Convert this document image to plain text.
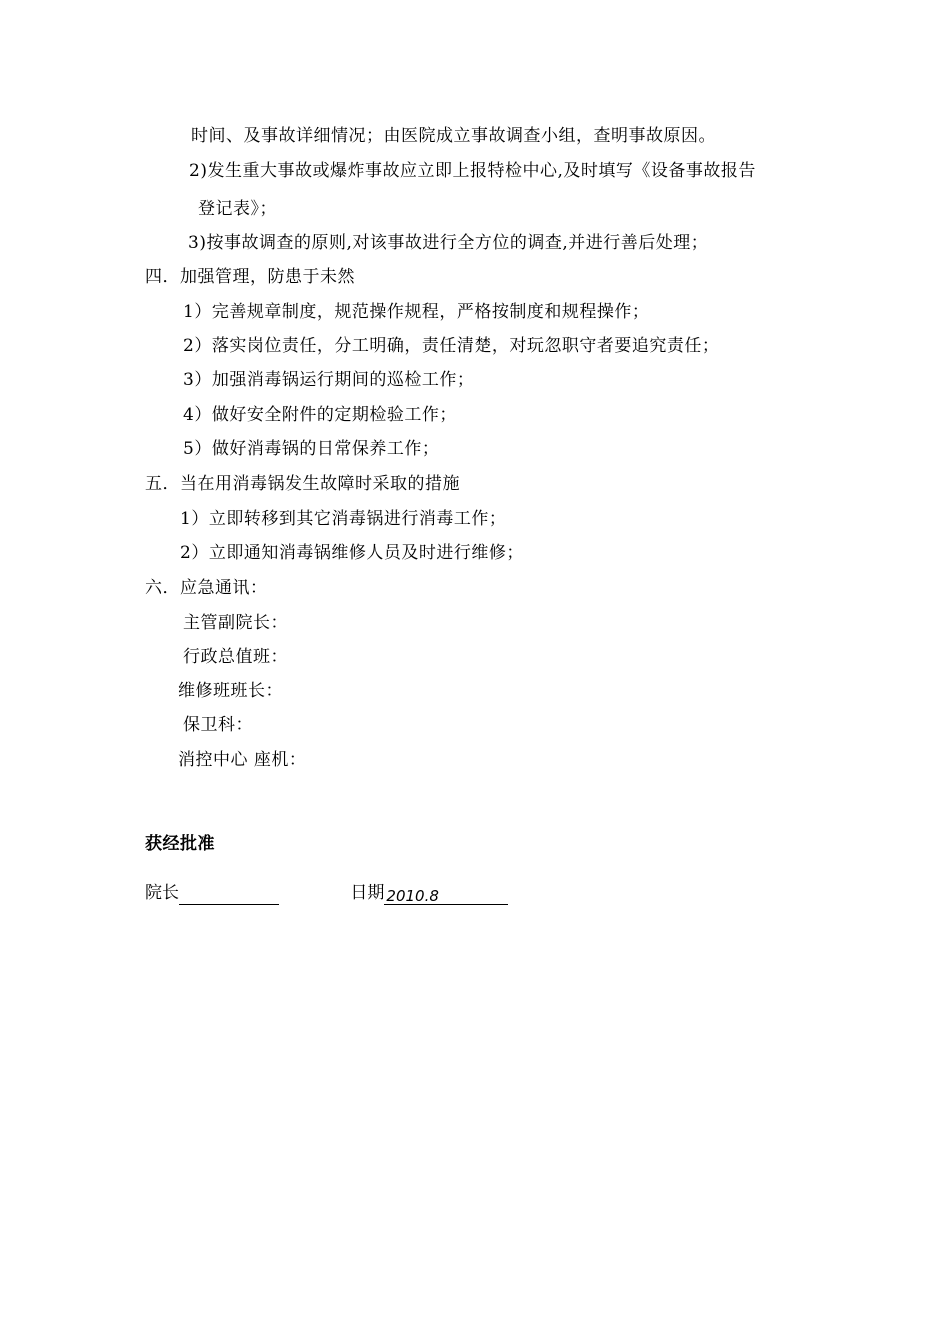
时间、及事故详细情况；由医院成立事故调查小组，查明事故原因。
2)发生重大事故或爆炸事故应立即上报特检中心,及时填写《设备事故报告
登记表》；
3)按事故调查的原则,对该事故进行全方位的调查,并进行善后处理；
四．加强管理，防患于未然
1）完善规章制度，规范操作规程，严格按制度和规程操作；
2）落实岗位责任，分工明确，责任清楚，对玩忽职守者要追究责任；
3）加强消毒锅运行期间的巡检工作；
4）做好安全附件的定期检验工作；
5）做好消毒锅的日常保养工作；
五．当在用消毒锅发生故障时采取的措施
1）立即转移到其它消毒锅进行消毒工作；
2）立即通知消毒锅维修人员及时进行维修；
六．应急通讯：
主管副院长：
行政总值班：
维修班班长：
保卫科：
消控中心 座机：
获经批准
院长	日期 2010.8
